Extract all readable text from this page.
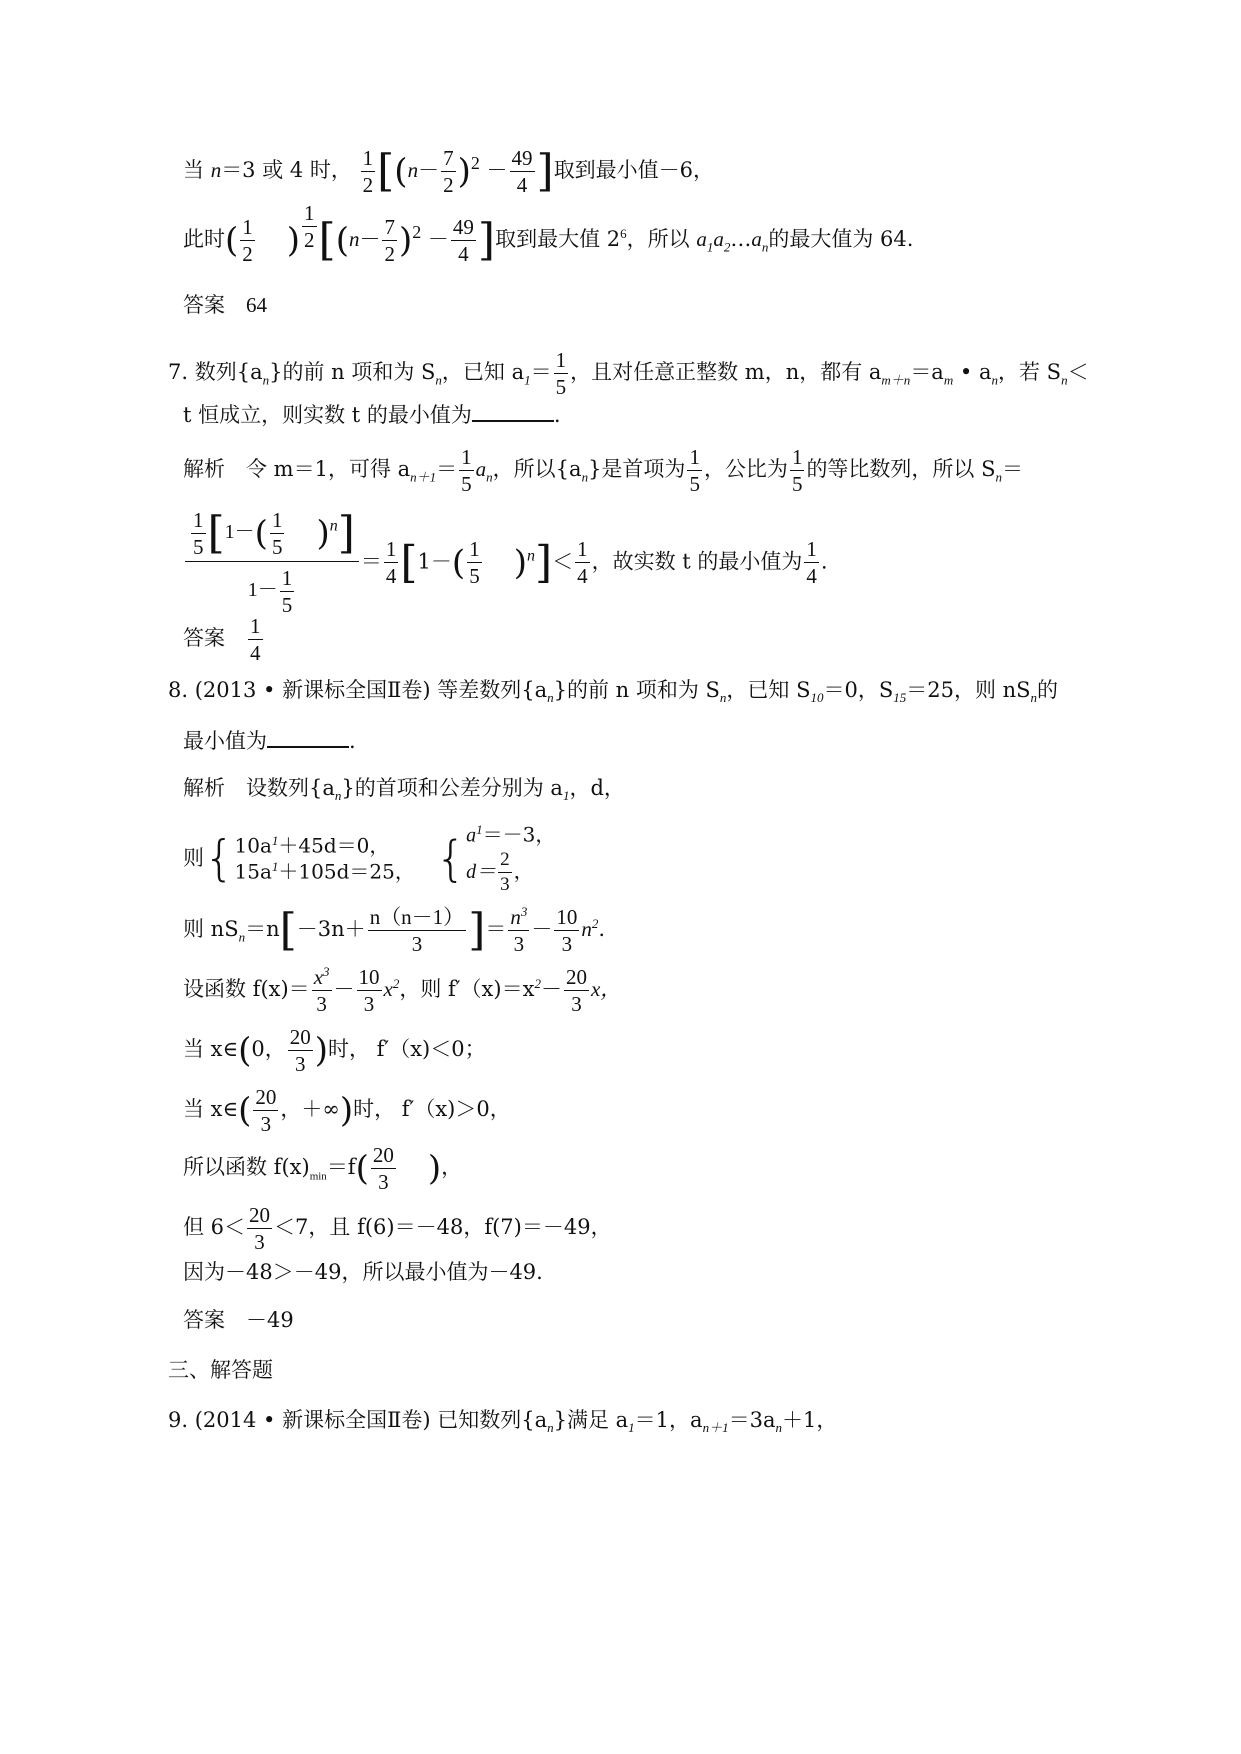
当 n＝3 或 4 时， $\frac{1}{2} [(n- \frac{7}{2} )^2 - \frac{49}{4}$ ]取到最小值－6，
此时( $\frac{1}{2}$ ) $\frac{1}{2} [(n- \frac{7}{2} )^2 - \frac{49}{4}$ ]取到最大值 $2^6$，所以 $a_1a_2\dots a_n$的最大值为 64.
答案　 64
7. 数列$\{a_n\}$的前 n 项和为 $S_n$，已知 $a_1= \frac{1}{5}$ ，且对任意正整数 m，n，都有 $a_{m+n}=a_m$ • $a_n$，若 $S_n<$
t 恒成立，则实数 t 的最小值为	.
解析　 令 m＝1，可得 $a_{n+1}= \frac{1}{5} a_n$，所以$\{a_n\}$是首项为 $\frac{1}{5}$ ，公比为 $\frac{1}{5}$ 的等比数列，所以 $S_n=$
$\frac{\frac{1}{5} [1-( \frac{1}{5} )^n]}{1- \frac{1}{5}} = \frac{1}{4} [1-( \frac{1}{5} )^n]< \frac{1}{4}$ ，故实数 t 的最小值为 $\frac{1}{4}$ .
答案　 $\frac{1}{4}$
8. (2013 • 新课标全国Ⅱ卷) 等差数列$\{a_n\}$的前 n 项和为 $S_n$，已知 $S_{10}=0$，$S_{15}=25$，则 $nS_n$的
最小值为	.
解析　 设数列$\{a_n\}$的首项和公差分别为 $a_1$，d，
则{ $10a^1+45d=0$，
$15a^1+105d=25$， { $a^1=-3$，
$d= \frac{2}{3}$ ，
则 $nS_n=n[-3n+ \frac{n(n-1)}{3}$ ]＝ $\frac{n^3}{3} - \frac{10}{3} n^2$.
设函数 $f(x)= \frac{x^3}{3} - \frac{10}{3} x^2$，则 $f'(x)=x^2- \frac{20}{3}$ x，
当 x∈(0， $\frac{20}{3}$ )时， f′（x)＜0；
当 x∈( $\frac{20}{3}$ ，＋∞)时， f′（x)＞0，
所以函数 $f(x)_{min}=f( \frac{20}{3}$ )，
但 $6< \frac{20}{3} <7$，且 f(6)＝－48，f(7)＝－49，
因为－48＞－49，所以最小值为－49.
答案　 －49
三、解答题
9. (2014 • 新课标全国Ⅱ卷) 已知数列$\{a_n\}$满足 $a_1=1$，$a_{n+1}=3a_n+1$，
